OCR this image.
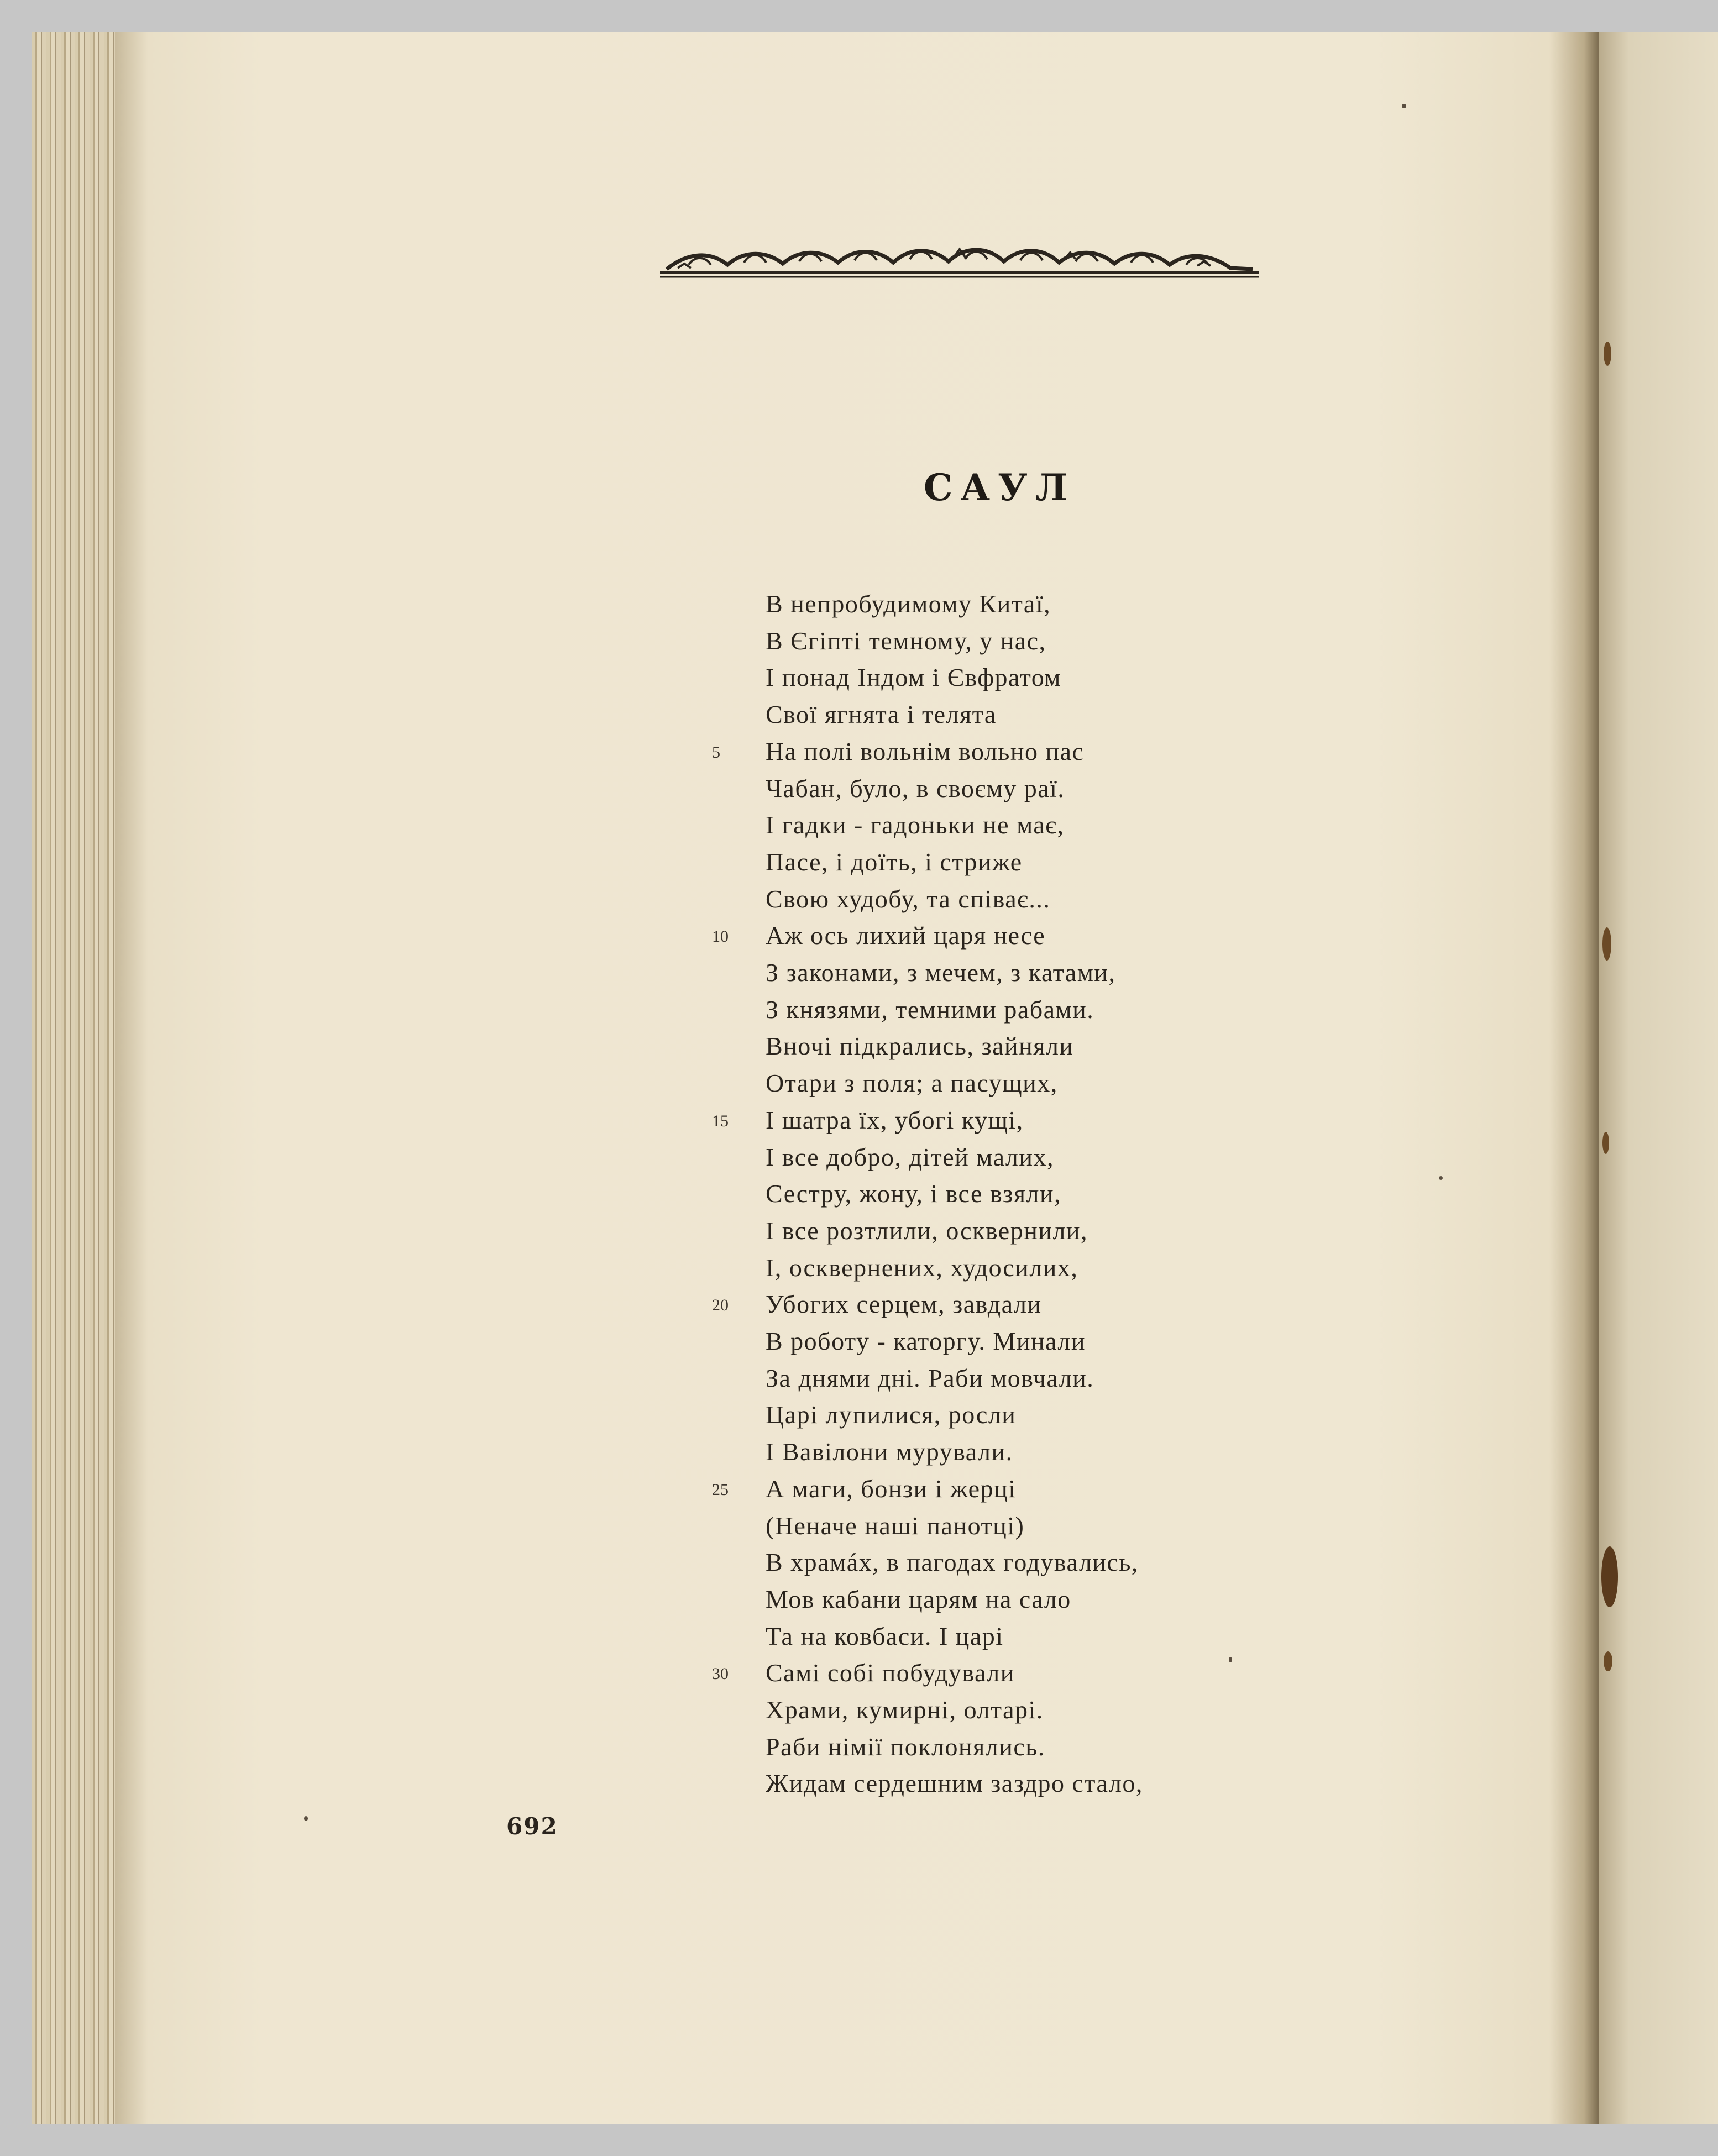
САУЛ
В непробудимому Китаї,
В Єгіпті темному, у нас,
І понад Індом і Євфратом
Свої ягнята і телята
5	На полі вольнім вольно пас
Чабан, було, в своєму раї.
І гадки - гадоньки не має,
Пасе, і доїть, і стриже
Свою худобу, та співає...
10	Аж ось лихий царя несе
З законами, з мечем, з катами,
З князями, темними рабами.
Вночі підкрались, зайняли
Отари з поля; а пасущих,
15	І шатра їх, убогі кущі,
І все добро, дітей малих,
Сестру, жону, і все взяли,
І все розтлили, осквернили,
І, осквернених, худосилих,
20	Убогих серцем, завдали
В роботу - каторгу. Минали
За днями дні. Раби мовчали.
Царі лупилися, росли
І Вавілони мурували.
25	А маги, бонзи і жерці
(Неначе наші панотці)
В храмáх, в пагодах годувались,
Мов кабани царям на сало
Та на ковбаси. І царі
30	Самі собі побудували
Храми, кумирні, олтарі.
Раби німії поклонялись.
Жидам сердешним заздро стало,
692
